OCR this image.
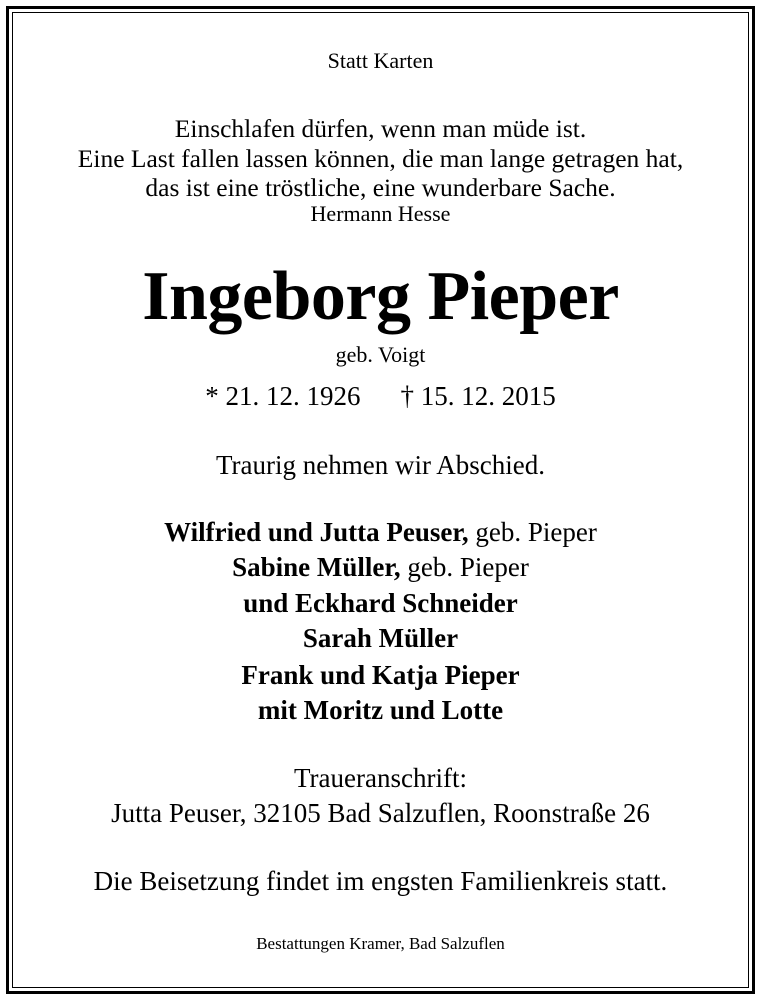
Statt Karten
Einschlafen dürfen, wenn man müde ist.
Eine Last fallen lassen können, die man lange getragen hat,
das ist eine tröstliche, eine wunderbare Sache.
Hermann Hesse
Ingeborg Pieper
geb. Voigt
* 21. 12. 1926 † 15. 12. 2015
Traurig nehmen wir Abschied.
Wilfried und Jutta Peuser, geb. Pieper
Sabine Müller, geb. Pieper
und Eckhard Schneider
Sarah Müller
Frank und Katja Pieper
mit Moritz und Lotte
Traueranschrift:
Jutta Peuser, 32105 Bad Salzuflen, Roonstraße 26
Die Beisetzung findet im engsten Familienkreis statt.
Bestattungen Kramer, Bad Salzuflen
